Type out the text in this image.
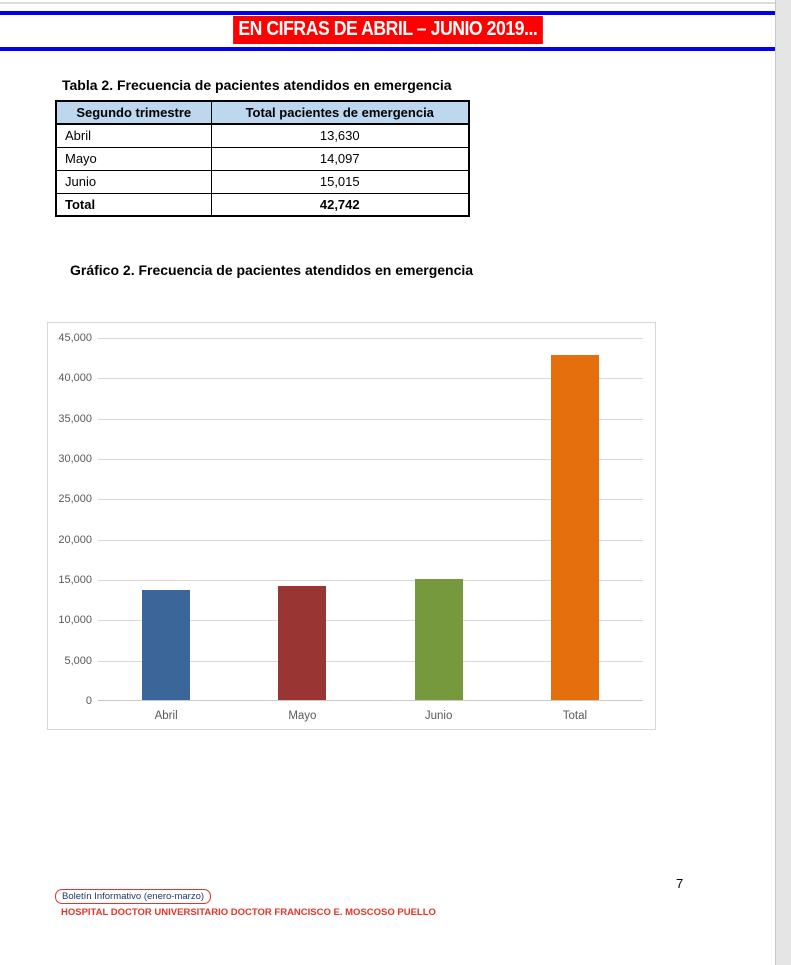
EN CIFRAS DE ABRIL – JUNIO 2019...
Tabla 2. Frecuencia de pacientes atendidos en emergencia
Segundo trimestre	Total pacientes de emergencia
Abril	13,630
Mayo	14,097
Junio	15,015
Total	42,742
Gráfico 2. Frecuencia de pacientes atendidos en emergencia
0
5,000
10,000
15,000
20,000
25,000
30,000
35,000
40,000
45,000
Abril	Mayo	Junio	Total
Boletín Informativo (enero-marzo)
HOSPITAL DOCTOR UNIVERSITARIO DOCTOR FRANCISCO E. MOSCOSO PUELLO
7
